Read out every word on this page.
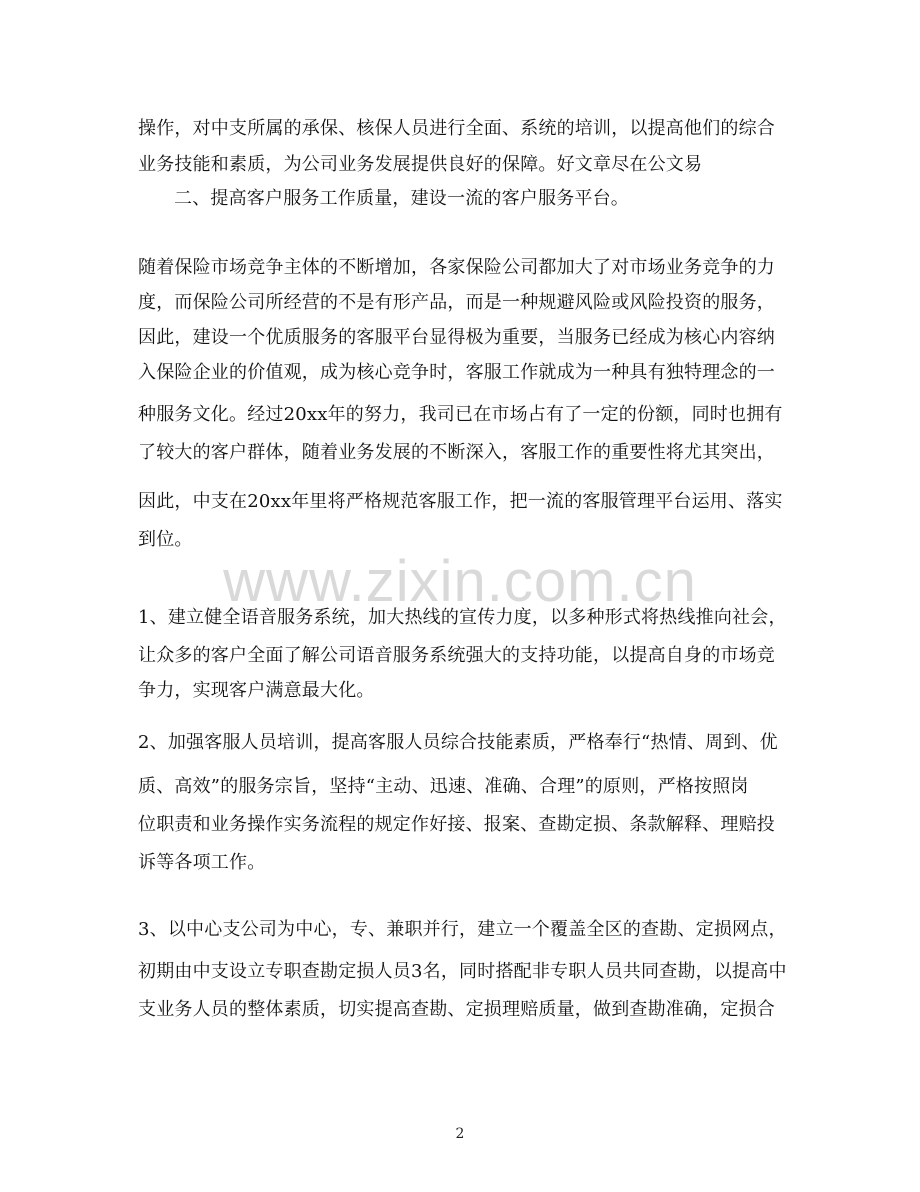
操作，对中支所属的承保、核保人员进行全面、系统的培训，以提高他们的综合
业务技能和素质，为公司业务发展提供良好的保障。好文章尽在公文易
二、提高客户服务工作质量，建设一流的客户服务平台。
随着保险市场竞争主体的不断增加，各家保险公司都加大了对市场业务竞争的力
度，而保险公司所经营的不是有形产品，而是一种规避风险或风险投资的服务，
因此，建设一个优质服务的客服平台显得极为重要，当服务已经成为核心内容纳
入保险企业的价值观，成为核心竞争时，客服工作就成为一种具有独特理念的一
种服务文化。经过20xx年的努力，我司已在市场占有了一定的份额，同时也拥有
了较大的客户群体，随着业务发展的不断深入，客服工作的重要性将尤其突出，
因此，中支在20xx年里将严格规范客服工作，把一流的客服管理平台运用、落实
到位。
www.zixin.com.cn
1、建立健全语音服务系统，加大热线的宣传力度，以多种形式将热线推向社会，
让众多的客户全面了解公司语音服务系统强大的支持功能，以提高自身的市场竞
争力，实现客户满意最大化。
2、加强客服人员培训，提高客服人员综合技能素质，严格奉行“热情、周到、优
质、高效”的服务宗旨，坚持“主动、迅速、准确、合理”的原则，严格按照岗
位职责和业务操作实务流程的规定作好接、报案、查勘定损、条款解释、理赔投
诉等各项工作。
3、以中心支公司为中心，专、兼职并行，建立一个覆盖全区的查勘、定损网点，
初期由中支设立专职查勘定损人员3名，同时搭配非专职人员共同查勘，以提高中
支业务人员的整体素质，切实提高查勘、定损理赔质量，做到查勘准确，定损合
2
